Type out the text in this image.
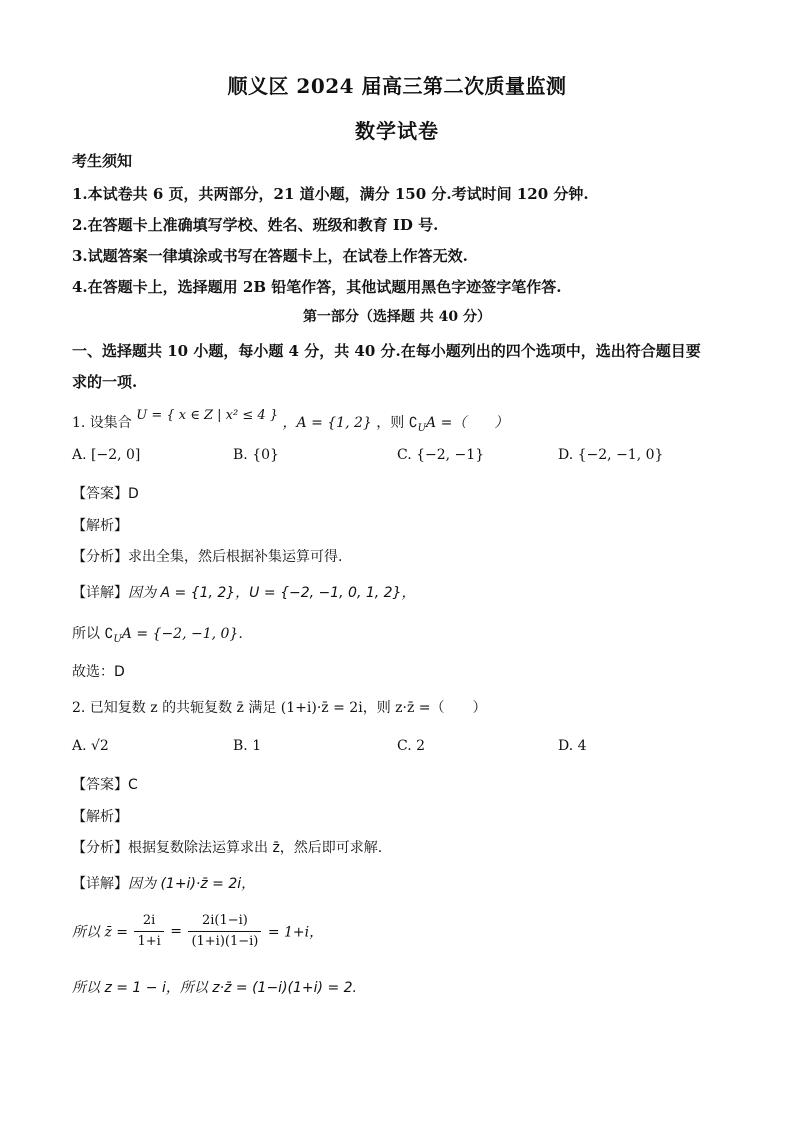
顺义区 2024 届高三第二次质量监测
数学试卷
考生须知
1.本试卷共 6 页，共两部分，21 道小题，满分 150 分.考试时间 120 分钟.
2.在答题卡上准确填写学校、姓名、班级和教育 ID 号.
3.试题答案一律填涂或书写在答题卡上，在试卷上作答无效.
4.在答题卡上，选择题用 2B 铅笔作答，其他试题用黑色字迹签字笔作答.
第一部分（选择题 共 40 分）
一、选择题共 10 小题，每小题 4 分，共 40 分.在每小题列出的四个选项中，选出符合题目要
求的一项.
1. 设集合 U = { x ∈ Z | x² ≤ 4 } ，A = {1, 2} ，则 $∁_UA$ =（　　）
A. [−2, 0]	B. {0}	C. {−2, −1}	D. {−2, −1, 0}
【答案】D
【解析】
【分析】求出全集，然后根据补集运算可得.
【详解】因为 A = {1, 2}，U = {−2, −1, 0, 1, 2}，
所以 $∁_UA = \{-2$, −1, 0}.
故选：D
2. 已知复数 z 的共轭复数 z̄ 满足 (1+i)·z̄ = 2i，则 z·z̄ =（　　）
A. √2	B. 1	C. 2	D. 4
【答案】C
【解析】
【分析】根据复数除法运算求出 z̄，然后即可求解.
【详解】因为 (1+i)·z̄ = 2i，
所以 z̄ = $\frac{2i}{1+i} = \frac{2i(1-i)}{(1+i)(1-i)} = 1+i$，
所以 z = 1 − i，所以 z·z̄ = (1−i)(1+i) = 2.
